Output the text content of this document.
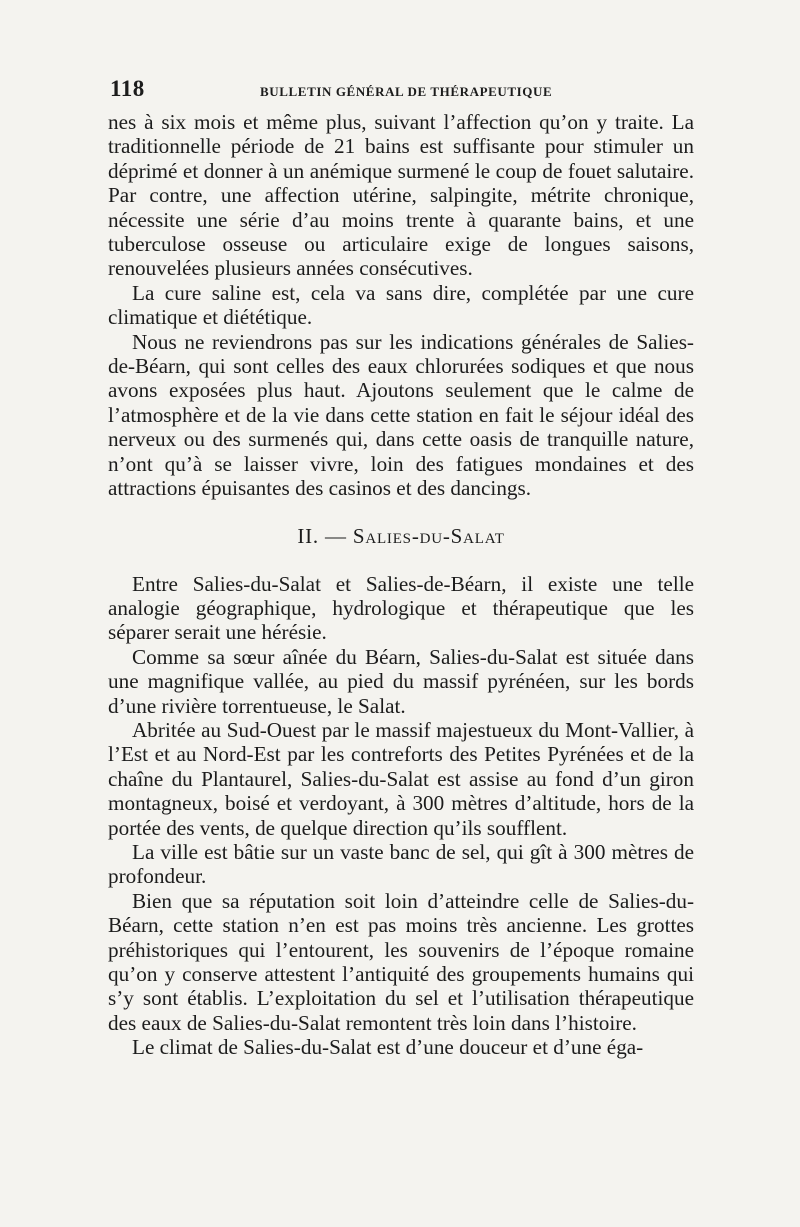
118	BULLETIN GÉNÉRAL DE THÉRAPEUTIQUE

nes à six mois et même plus, suivant l’affection qu’on y traite. La traditionnelle période de 21 bains est suffisante pour stimuler un déprimé et donner à un anémique surmené le coup de fouet salutaire. Par contre, une affection utérine, salpingite, métrite chronique, nécessite une série d’au moins trente à quarante bains, et une tuberculose osseuse ou articulaire exige de longues saisons, renouvelées plusieurs années consécutives.

La cure saline est, cela va sans dire, complétée par une cure climatique et diététique.

Nous ne reviendrons pas sur les indications générales de Salies-de-Béarn, qui sont celles des eaux chlorurées sodiques et que nous avons exposées plus haut. Ajoutons seulement que le calme de l’atmosphère et de la vie dans cette station en fait le séjour idéal des nerveux ou des surmenés qui, dans cette oasis de tranquille nature, n’ont qu’à se laisser vivre, loin des fatigues mondaines et des attractions épuisantes des casinos et des dancings.

II. — Salies-du-Salat

Entre Salies-du-Salat et Salies-de-Béarn, il existe une telle analogie géographique, hydrologique et thérapeutique que les séparer serait une hérésie.

Comme sa sœur aînée du Béarn, Salies-du-Salat est située dans une magnifique vallée, au pied du massif pyrénéen, sur les bords d’une rivière torrentueuse, le Salat.

Abritée au Sud-Ouest par le massif majestueux du Mont-Vallier, à l’Est et au Nord-Est par les contreforts des Petites Pyrénées et de la chaîne du Plantaurel, Salies-du-Salat est assise au fond d’un giron montagneux, boisé et verdoyant, à 300 mètres d’altitude, hors de la portée des vents, de quelque direction qu’ils soufflent.

La ville est bâtie sur un vaste banc de sel, qui gît à 300 mètres de profondeur.

Bien que sa réputation soit loin d’atteindre celle de Salies-du-Béarn, cette station n’en est pas moins très ancienne. Les grottes préhistoriques qui l’entourent, les souvenirs de l’époque romaine qu’on y conserve attestent l’antiquité des groupements humains qui s’y sont établis. L’exploitation du sel et l’utilisation thérapeutique des eaux de Salies-du-Salat remontent très loin dans l’histoire.

Le climat de Salies-du-Salat est d’une douceur et d’une éga-
